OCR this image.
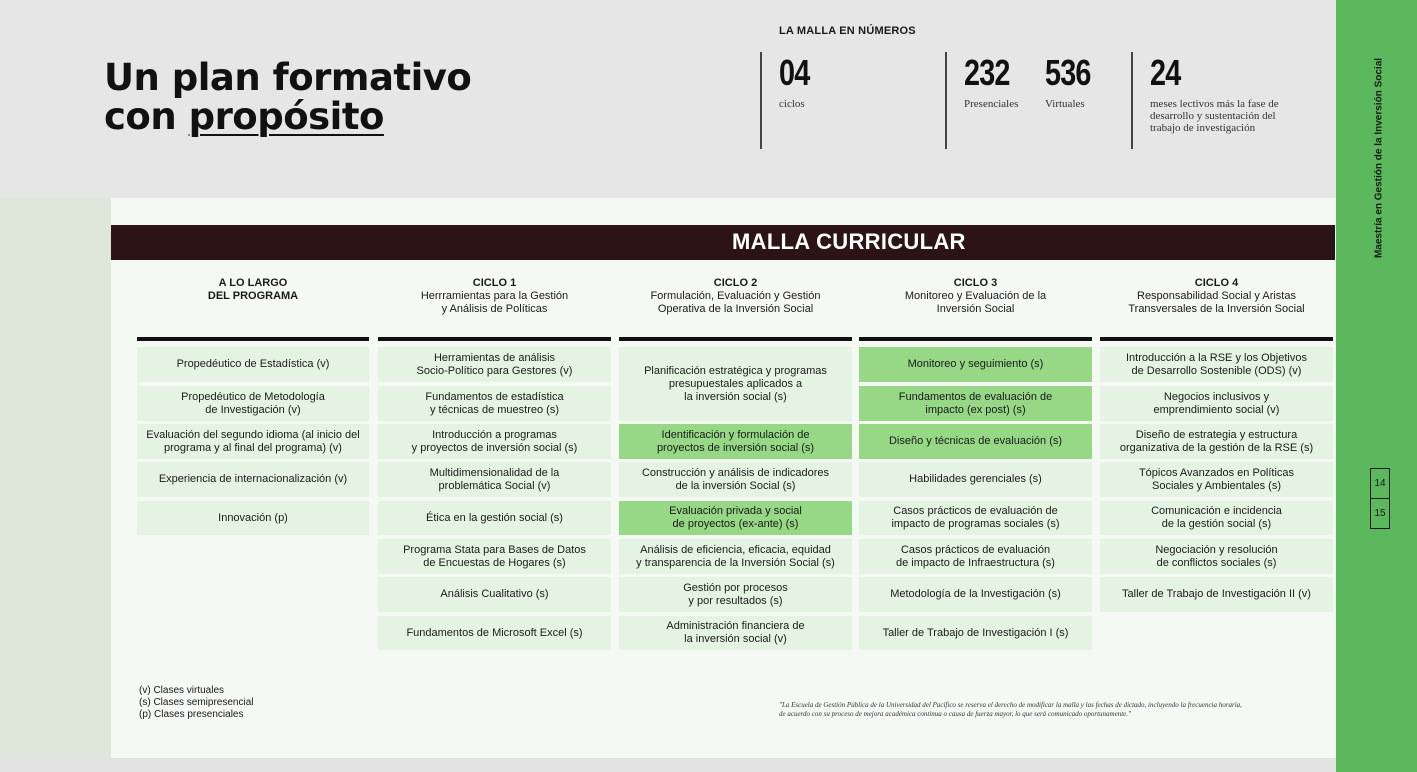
Un plan formativo
con propósito
LA MALLA EN NÚMEROS
04
ciclos
232
Presenciales
536
Virtuales
24
meses lectivos más la fase de
desarrollo y sustentación del
trabajo de investigación	Maestría en Gestión de la Inversión Social
14
15
MALLA CURRICULAR
A LO LARGO
DEL PROGRAMA
CICLO 1
Herrramientas para la Gestión
y Análisis de Políticas
CICLO 2
Formulación, Evaluación y Gestión
Operativa de la Inversión Social
CICLO 3
Monitoreo y Evaluación de la
Inversión Social
CICLO 4
Responsabilidad Social y Aristas
Transversales de la Inversión Social
Propedéutico de Estadística (v)
Propedéutico de Metodología
de Investigación (v)
Evaluación del segundo idioma (al inicio del
programa y al final del programa) (v)
Experiencia de internacionalización (v)
Innovación (p)
Herramientas de análisis
Socio-Político para Gestores (v)
Fundamentos de estadística
y técnicas de muestreo (s)
Introducción a programas
y proyectos de inversión social (s)
Multidimensionalidad de la
problemática Social (v)
Ética en la gestión social (s)
Programa Stata para Bases de Datos
de Encuestas de Hogares (s)
Análisis Cualitativo (s)
Fundamentos de Microsoft Excel (s)
Planificación estratégica y programas
presupuestales aplicados a
la inversión social (s)
Identificación y formulación de
proyectos de inversión social (s)
Construcción y análisis de indicadores
de la inversión Social (s)
Evaluación privada y social
de proyectos (ex-ante) (s)
Análisis de eficiencia, eficacia, equidad
y transparencia de la Inversión Social (s)
Gestión por procesos
y por resultados (s)
Administración financiera de
la inversión social (v)
Monitoreo y seguimiento (s)
Fundamentos de evaluación de
impacto (ex post) (s)
Diseño y técnicas de evaluación (s)
Habilidades gerenciales (s)
Casos prácticos de evaluación de
impacto de programas sociales (s)
Casos prácticos de evaluación
de impacto de Infraestructura (s)
Metodología de la Investigación (s)
Taller de Trabajo de Investigación I (s)
Introducción a la RSE y los Objetivos
de Desarrollo Sostenible (ODS) (v)
Negocios inclusivos y
emprendimiento social (v)
Diseño de estrategia y estructura
organizativa de la gestión de la RSE (s)
Tópicos Avanzados en Políticas
Sociales y Ambientales (s)
Comunicación e incidencia
de la gestión social (s)
Negociación y resolución
de conflictos sociales (s)
Taller de Trabajo de Investigación II (v)
(v) Clases virtuales
(s) Clases semipresencial
(p) Clases presenciales
"La Escuela de Gestión Pública de la Universidad del Pacífico se reserva el derecho de modificar la malla y las fechas de dictado, incluyendo la frecuencia horaria,
de acuerdo con su proceso de mejora académica continua o causa de fuerza mayor, lo que será comunicado oportunamente."
